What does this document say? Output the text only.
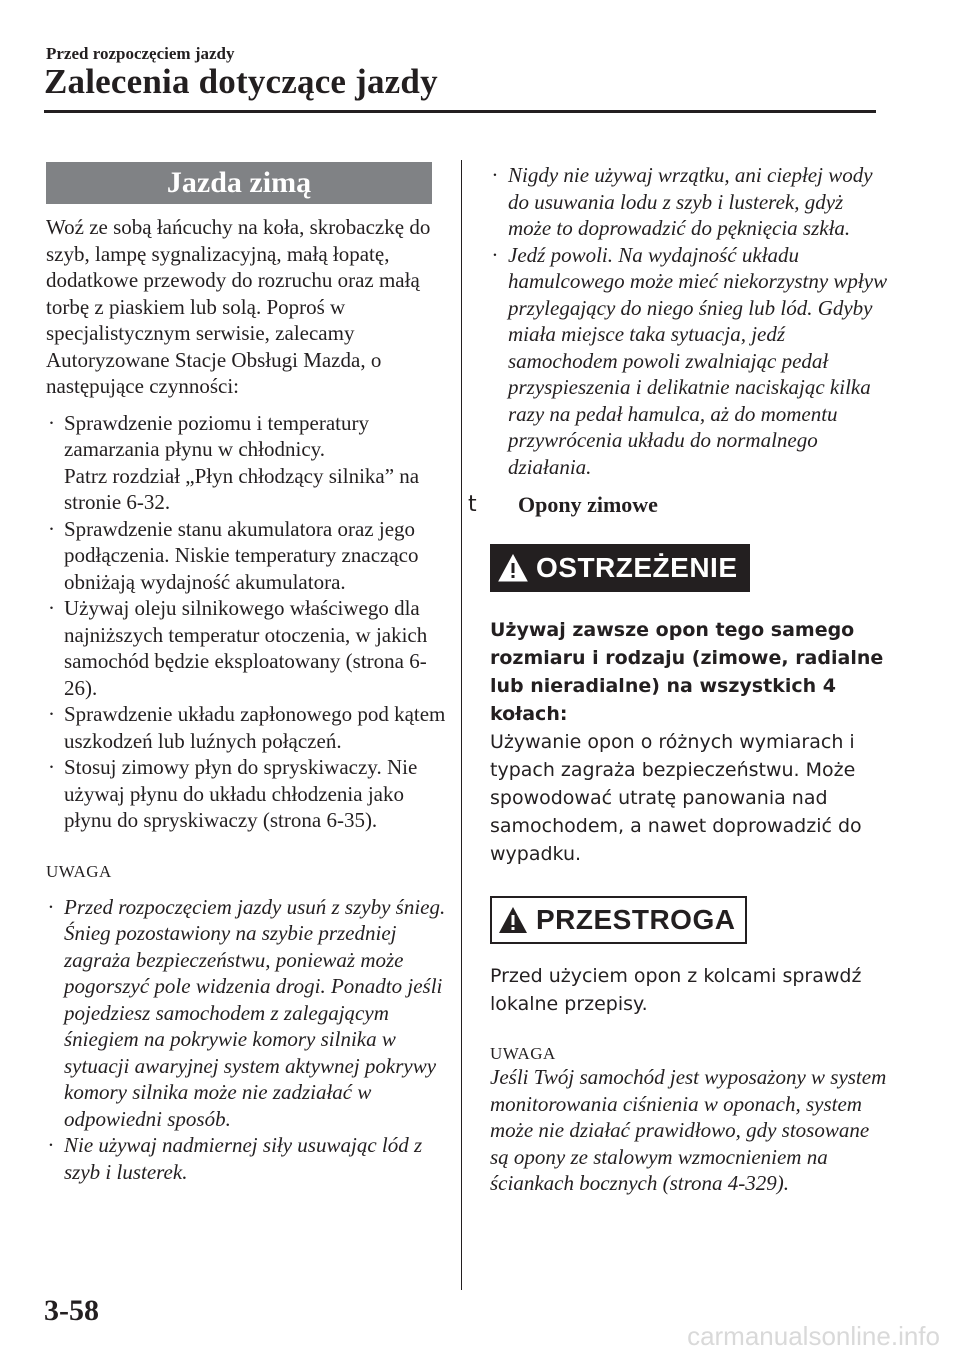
Przed rozpoczęciem jazdy
Zalecenia dotyczące jazdy
Jazda zimą
Woź ze sobą łańcuchy na koła, skrobaczkę do szyb, lampę sygnalizacyjną, małą łopatę, dodatkowe przewody do rozruchu oraz małą torbę z piaskiem lub solą. Poproś w specjalistycznym serwisie, zalecamy Autoryzowane Stacje Obsługi Mazda, o następujące czynności:
· Sprawdzenie poziomu i temperatury zamarzania płynu w chłodnicy.
Patrz rozdział „Płyn chłodzący silnika” na stronie 6-32.
· Sprawdzenie stanu akumulatora oraz jego podłączenia. Niskie temperatury znacząco obniżają wydajność akumulatora.
· Używaj oleju silnikowego właściwego dla najniższych temperatur otoczenia, w jakich samochód będzie eksploatowany (strona 6-26).
· Sprawdzenie układu zapłonowego pod kątem uszkodzeń lub luźnych połączeń.
· Stosuj zimowy płyn do spryskiwaczy. Nie używaj płynu do układu chłodzenia jako płynu do spryskiwaczy (strona 6-35).
UWAGA
· Przed rozpoczęciem jazdy usuń z szyby śnieg. Śnieg pozostawiony na szybie przedniej zagraża bezpieczeństwu, ponieważ może pogorszyć pole widzenia drogi. Ponadto jeśli pojedziesz samochodem z zalegającym śniegiem na pokrywie komory silnika w sytuacji awaryjnej system aktywnej pokrywy komory silnika może nie zadziałać w odpowiedni sposób.
· Nie używaj nadmiernej siły usuwając lód z szyb i lusterek.
· Nigdy nie używaj wrzątku, ani ciepłej wody do usuwania lodu z szyb i lusterek, gdyż może to doprowadzić do pęknięcia szkła.
· Jedź powoli. Na wydajność układu hamulcowego może mieć niekorzystny wpływ przylegający do niego śnieg lub lód. Gdyby miała miejsce taka sytuacja, jedź samochodem powoli zwalniając pedał przyspieszenia i delikatnie naciskając kilka razy na pedał hamulca, aż do momentu przywrócenia układu do normalnego działania.
t Opony zimowe
OSTRZEŻENIE
Używaj zawsze opon tego samego rozmiaru i rodzaju (zimowe, radialne lub nieradialne) na wszystkich 4 kołach:
Używanie opon o różnych wymiarach i typach zagraża bezpieczeństwu. Może spowodować utratę panowania nad samochodem, a nawet doprowadzić do wypadku.
PRZESTROGA
Przed użyciem opon z kolcami sprawdź lokalne przepisy.
UWAGA
Jeśli Twój samochód jest wyposażony w system monitorowania ciśnienia w oponach, system może nie działać prawidłowo, gdy stosowane są opony ze stalowym wzmocnieniem na ściankach bocznych (strona 4-329).
3-58
carmanualsonline.info
